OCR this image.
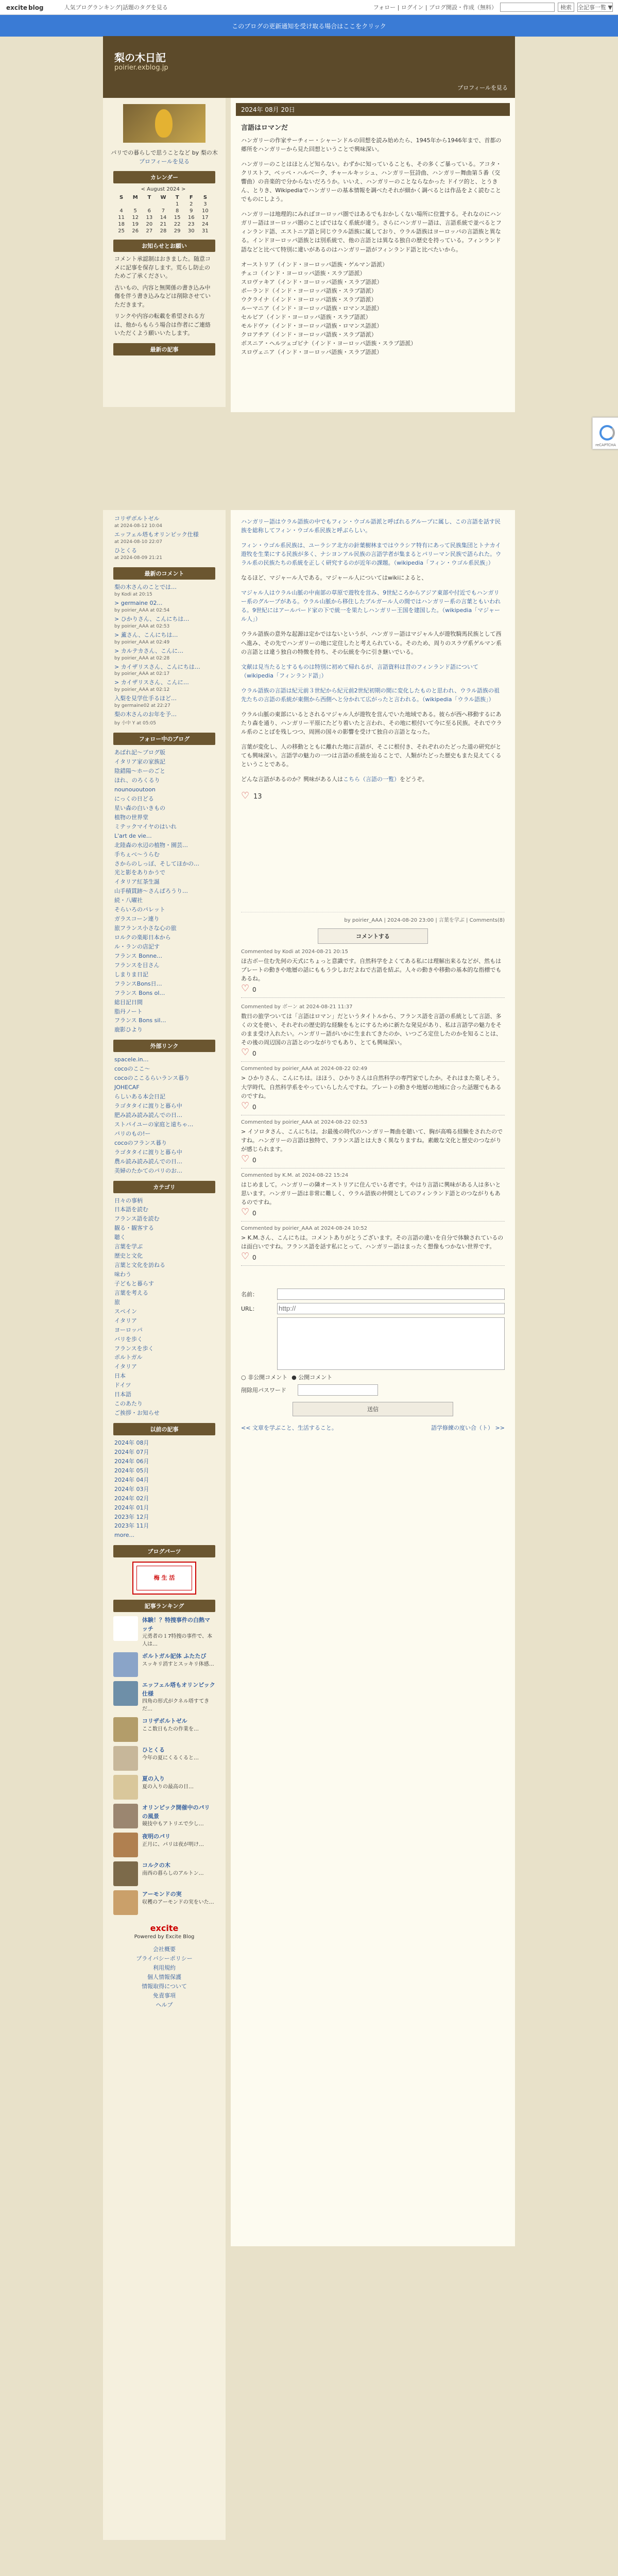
excite blog	人気ブログランキング|話題のタグを見る	フォロー | ログイン | ブログ開設・作成（無料）	検索	全記事一覧 ▼
このブログの更新通知を受け取る場合はここをクリック
梨の木日記
poirier.exblog.jp
プロフィールを見る
パリでの暮らしで思うことなど by 梨の木
プロフィールを見る
カレンダー
< August 2024 >
S	M	T	W	T	F	S
				1	2	3
4	5	6	7	8	9	10
11	12	13	14	15	16	17
18	19	20	21	22	23	24
25	26	27	28	29	30	31
お知らせとお願い
コメント承認制はおきました。随意コメに記事を保存します。荒らし防止のためご了承ください。
古いもの、内容と無関係の書き込み中傷を伴う書き込みなどは削除させていただきます。
リンクや内容の転載を希望される方は、他からもらう場合は作者にご連絡いただくよう願いいたします。
最新の記事
2024年 08月 20日
言語はロマンだ
ハンガリーの作家サーチィー・シャーンドルの回想を読み始めたら、1945年から1946年まで、首都の郷所をハンガリーから見た回想ということで興味深い。
ハンガリーのことはほとんど知らない。わずかに知っていることも、その多くご暴っている。アコタ・クリストフ、ベッペ・ハルベーク、チャールキッシュ、ハンガリー狂詩曲、ハンガリー舞曲第５番（交響曲）の音楽的で分からないだろうか。いいえ、ハンガリーのことならなかった ドイツ的と、とうきん、とりき、Wikipediaでハンガリーの基本情報を調べたそれが細かく調べるとは作品をよく読むことでものにしよう。
ハンガリーは地理的にみればヨーロッパ圏ではあるでもおかしくない場所に位置する。それなのにハンガリー語はヨーロッパ圏のことばではなく系統が違う。さらにハンガリー語は、言語系統で並べるとフィンランド語、エストニア語と同じウラル語族に属しており、ウラル語族はヨーロッパの言語族と異なる。インドヨーロッパ語族とは別系統で、他の言語とは異なる独自の歴史を持っている。フィンランド語などと比べて特別に違いがあるのはハンガリー語がフィンランド語と比べたいから。
オーストリア（インド・ヨーロッパ語族・ゲルマン語派）
チェコ（インド・ヨーロッパ語族・スラブ語派）
スロヴァキア（インド・ヨーロッパ語族・スラブ語派）
ポーランド（インド・ヨーロッパ語族・スラブ語派）
ウクライナ（インド・ヨーロッパ語族・スラブ語派）
ルーマニア（インド・ヨーロッパ語族・ロマンス語派）
セルビア（インド・ヨーロッパ語族・スラブ語派）
モルドヴァ（インド・ヨーロッパ語族・ロマンス語派）
クロアチア（インド・ヨーロッパ語族・スラブ語派）
ボスニア・ヘルツェゴビナ（インド・ヨーロッパ語族・スラブ語派）
スロヴェニア（インド・ヨーロッパ語族・スラブ語派）
reCAPTCHA
コリザボルトゼル
at 2024-08-12 10:04
エッフェル塔もオリンピック仕様
at 2024-08-10 22:07
ひとくる
at 2024-08-09 21:21
最新のコメント
梨の木さんのことでは…
by Kodi at 20:15
> germaine 02…
by poirier_AAA at 02:54
> ひかりさん、こんにちは…
by poirier_AAA at 02:53
> 薫さん、こんにちは…
by poirier_AAA at 02:49
> カルテカさん、こんに…
by poirier_AAA at 02:28
> カイザリスさん、こんにちは…
by poirier_AAA at 02:17
> カイザリスさん、こんに…
by poirier_AAA at 02:12
入梨を見学仕手るほど…
by germaine02 at 22:27
梨の木さんのお年を予…
by 小中 Y at 05:05
フォロー中のブログ
あばれ記～ブログ版
イタリア家の家族記
陰錯陽～ホーのごと
ほれ、のろくるり
nounououtoon
にっくの日どる
星い森の白いきもの
植物の世界堂
ミテックマイヤのはいれ
L'art de vie…
北陸森の水辺の植物・園芸…
手ちぇべ～うらむ
さからのしっぽ、そしてほかの…
光と影をありかうで
イタリア紅茶生誕
山手積貫跡～さんぱろうり…
続・八曜社
そらいろのパレット
ガラスコーン連り
旅フランス小さな心の旅
ロルクの楽彫日本から
ル・ランの店記す
フランス Bonne…
フランスを目さん
しまりま日記
フランスBons日…
フランス Bons ol…
総目記日間
脂丹ノート
フランス Bons sil…
鹿影ひより
外部リンク
spacele.in…
cocoのここ～
cocoのここるらいランス暮り
JOHECAF
らしいある本会日記
ラゴタタイに渡りと暮ら中
肥み読み読み読んでの日…
ストパイユーの家庭と遠ちゃ…
パリのもの!ー
cocoのフランス暮り
ラゴタタイに渡りと暮ら中
農ル読み読み読んでの日…
美婦のたかてのパリのお…
カテゴリ
日々の事柄
日本語を読む
フランス語を読む
観る・観客する
聴く
言葉を学ぶ
歴史と文化
言葉と文化を訪ねる
味わう
子どもと暮らす
言葉を考える
旅
スペイン
イタリア
ヨーロッパ
バリを歩く
フランスを歩く
ポルトガル
イタリア
日本
ドイツ
日本語
このあたり
ご挨拶・お知らせ
以前の記事
2024年 08月
2024年 07月
2024年 06月
2024年 05月
2024年 04月
2024年 03月
2024年 02月
2024年 01月
2023年 12月
2023年 11月
more...
ブログパーツ
梅 生 活
記事ランキング
体験！？特捜事件の白熱マッチ
元勇者の１7特捜の事件で、本人は…
ボルトガル記体 ふたたび
スッキリ消すとスッキリ体感…
エッフェル塔もオリンピック仕様
四角の形式がクネル塔すてきだ…
コリザボルトゼル
ここ数日もたの作業を…
ひとくる
今年の夏にくるくると…
夏の入り
夏の入りの最高の日…
オリンピック開催中のパリの風景
競技中もアトリエで少し…
夜明のパリ
正月に、パリは夜が明け…
コルクの木
南西の暮らしのアルトン…
アーモンドの実
収穫のアーモンドの実をいた…
excite
Powered by Excite Blog
会社概要
プライバシーポリシー
利用規約
個人情報保護
情報取得について
免責事項
ヘルプ
ハンガリー語はウラル語族の中でもフィン・ウゴル語派と呼ばれるグループに属し、この言語を話す民族を総称してフィン・ウゴル系民族と呼ぶらしい。
フィン・ウゴル系民族は、ユーラシア北方の針葉樹林まではウラシア特有にあって民族集団とトナカイ遊牧を生業にする民族が多く、ナシヨンアル民族の言語学者が集まるとパリーマン民族で語られた。ウラル系の民族たちの系統を正しく研究するのが近年の課題。（wikipedia「フィン・ウゴル系民族」）
なるほど、マジャール人である。マジャール人についてはwikiによると、
マジャル人はウラル山脈の中南部の草原で遊牧を営み、9世紀ころからアジア東部や付近でもハンガリー系のグループがある。ウラル山脈から移住したブルガール人の間ではハンガリー系の言葉ともいわれる。9世紀にはアールパード家の下で統一を果たしハンガリー王国を建国した。（wikipedia「マジャール人」）
ウラル語族の意外な起源は定かではないというが、ハンガリー語はマジャル人が遊牧騎馬民族として西へ進み、その先でハンガリーの地に定住したと考えられている。そのため、周りのスラヴ系ゲルマン系の言語とは違う独自の特徴を持ち、その伝統を今に引き継いでいる。
文献は見当たるとするものは特別に初めて帰れるが、言語資料は昔のフィンランド語について（wikipedia「フィンランド語」）
ウラル語族の言語は紀元前３世紀から紀元前2世紀初期の間に変化したものと思われ、ウラル語族の祖先たちの言語の系統が東側から西側へと分かれて広がったと言われる。（wikipedia「ウラル語族」）
ウラル山脈の東部にいるとされるマジャル人が遊牧を営んでいた地域である。彼らが西へ移動するにあたり森を通り、ハンガリー平原にたどり着いたと言われ、その地に根付いて今に至る民族。それでウラル系のことばを残しつつ、周囲の国々の影響を受けて独自の言語となった。
言葉が変化し、人の移動とともに離れた地に言語が、そこに根付き、それぞれのたどった道の研究がとても興味深い。言語学の魅力の一つは言語の系統を辿ることで、人類がたどった歴史もまた見えてくるということである。
どんな言語があるのか？興味がある人はこちら（言語の一覧）をどうぞ。
♡
13
by poirier_AAA | 2024-08-20 23:00 | 言葉を学ぶ | Comments(8)
コメントする
Commented by Kodi at 2024-08-21 20:15
ほ古ボー住む先何の天式にちょっと意識です。自然科学をよくてある私には理解出来るなどが、然もはプレートの動きや地層の話にももう少しおだよねで古語を結ぶ。人々の動きや移動の基本的な指標でもあるね。
♡
0
Commented by ボーン at 2024-08-21 11:37
数日の旅学ついては「言語はロマン」だというタイトルから、フランス語を言語の系統として言語、多くの文を使い、それぞれの歴史的な経験をもとにするために新たな発見があり、私は言語学の魅力をそのまま受け入れたい。ハンガリー語がいかに生まれてきたのか、いつごろ定住したのかを知ることは、その後の周辺国の言語とのつながりでもあり、とても興味深い。
♡
0
Commented by poirier_AAA at 2024-08-22 02:49
> ひかりさん、こんにちは。ほほう、ひかりさんは自然科学の専門家でしたか。それはまた楽しそう。大学時代、自然科学系をやっていらしたんですね。プレートの動きや地層の地域に合った話題でもあるのですね。
♡
0
Commented by poirier_AAA at 2024-08-22 02:53
> イソロタさん、こんにちは。お最後の時代のハンガリー舞曲を聴いて、胸が高鳴る経験をされたのですね。ハンガリーの言語は独特で、フランス語とは大きく異なりますね。素敵な文化と歴史のつながりが感じられます。
♡
0
Commented by K.M. at 2024-08-22 15:24
はじめまして。ハンガリーの隣オーストリアに住んでいる者です。やはり言語に興味がある人は多いと思います。ハンガリー語は非常に難しく、ウラル語族の仲間としてのフィンランド語とのつながりもあるのですね。
♡
0
Commented by poirier_AAA at 2024-08-24 10:52
> K.M.さん、こんにちは。コメントありがとうございます。その言語の違いを自分で体験されているのは面白いですね。フランス語を話す私にとって、ハンガリー語はまったく想像もつかない世界です。
♡
0
名前：
URL：
http://
○ 非公開コメント ● 公開コメント
削除用パスワード
送信
<< 文章を学ぶこと、生活すること。	語学修練の度い合（ト） >>
